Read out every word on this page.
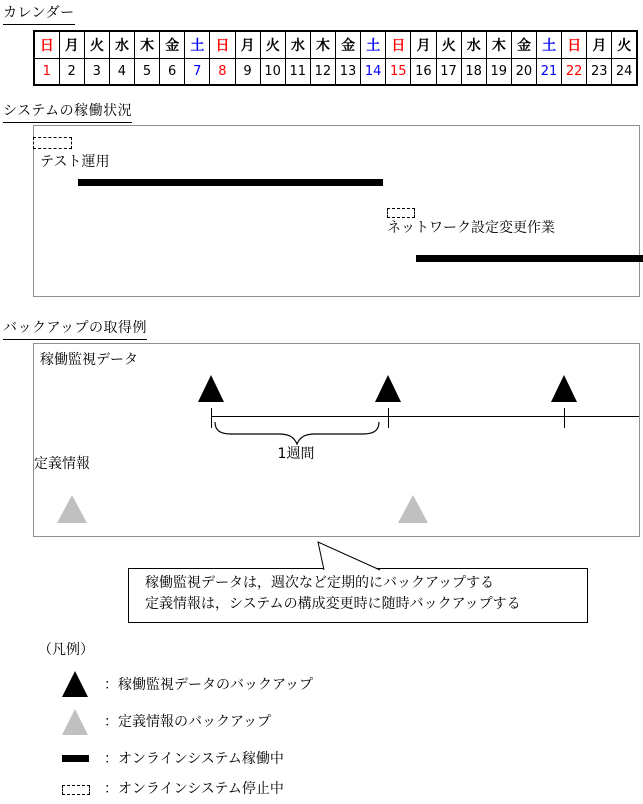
カレンダー
日	月	火	水	木	金	土	日	月	火	水	木	金	土	日	月	火	水	木	金	土	日	月	火
1	2	3	4	5	6	7	8	9	10	11	12	13	14	15	16	17	18	19	20	21	22	23	24
システムの稼働状況
テスト運用
ネットワーク設定変更作業
バックアップの取得例
稼働監視データ
1週間
定義情報
稼働監視データは，週次など定期的にバックアップする
定義情報は，システムの構成変更時に随時バックアップする
（凡例）
：稼働監視データのバックアップ
：定義情報のバックアップ
：オンラインシステム稼働中
：オンラインシステム停止中
